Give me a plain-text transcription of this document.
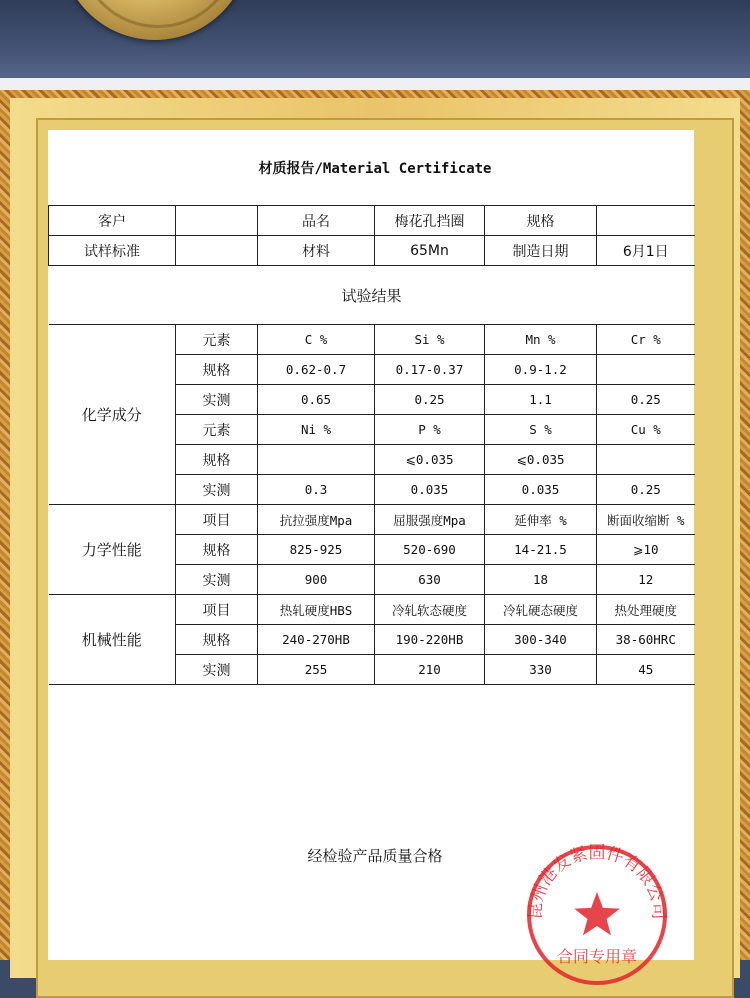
材质报告/Material Certificate
客户		品名	梅花孔挡圈	规格	
试样标准		材料	65Mn	制造日期	6月1日
试验结果					
化学成分	元素	C %	Si %	Mn %	Cr %
	规格	0.62-0.7	0.17-0.37	0.9-1.2	
	实测	0.65	0.25	1.1	0.25
	元素	Ni %	P %	S %	Cu %
	规格		⩽0.035	⩽0.035	
	实测	0.3	0.035	0.035	0.25
力学性能	项目	抗拉强度Mpa	屈服强度Mpa	延伸率 %	断面收缩断 %
	规格	825-925	520-690	14-21.5	⩾10
	实测	900	630	18	12
机械性能	项目	热轧硬度HBS	冷轧软态硬度	冷轧硬态硬度	热处理硬度
	规格	240-270HB	190-220HB	300-340	38-60HRC
	实测	255	210	330	45
经检验产品质量合格
昆州港发紧固件有限公司
合同专用章
